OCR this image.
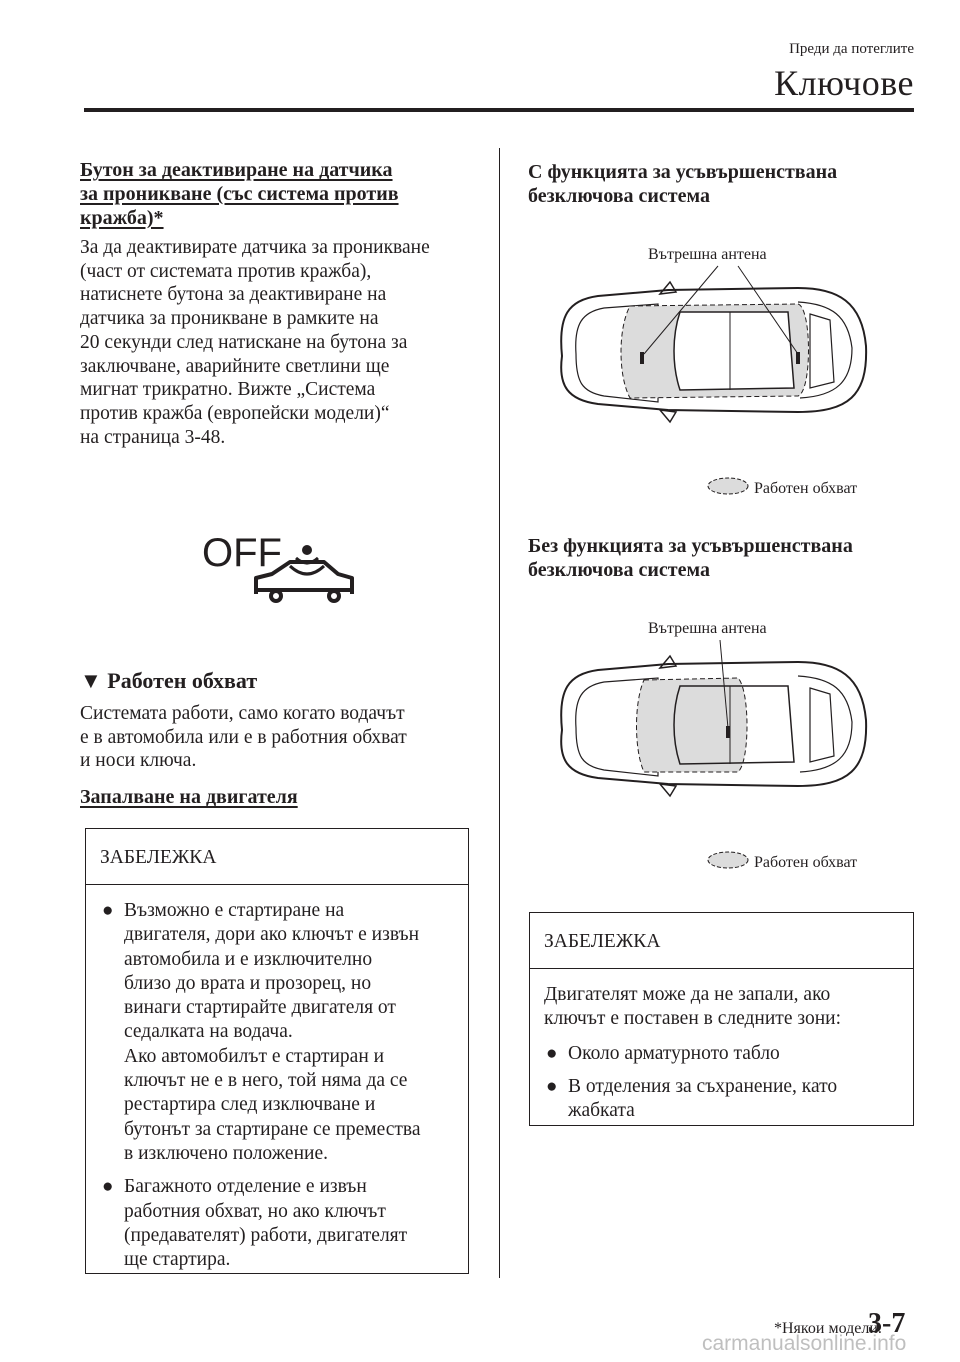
Преди да потеглите
Ключове
Бутон за деактивиране на датчика
за проникване (със система против
кражба)*
За да деактивирате датчика за проникване
(част от системата против кражба),
натиснете бутона за деактивиране на
датчика за проникване в рамките на
20 секунди след натискане на бутона за
заключване, аварийните светлини ще
мигнат трикратно. Вижте „Система
против кражба (европейски модели)“
на страница 3-48.
OFF
▼ Работен обхват
Системата работи, само когато водачът
е в автомобила или е в работния обхват
и носи ключа.
Запалване на двигателя
ЗАБЕЛЕЖКА
● Възможно е стартиране на
двигателя, дори ако ключът е извън
автомобила и е изключително
близо до врата и прозорец, но
винаги стартирайте двигателя от
седалката на водача.
Ако автомобилът е стартиран и
ключът не е в него, той няма да се
рестартира след изключване и
бутонът за стартиране се премества
в изключено положение.
● Багажното отделение е извън
работния обхват, но ако ключът
(предавателят) работи, двигателят
ще стартира.
С функцията за усъвършенствана
безключова система
Вътрешна антена
Работен обхват
Без функцията за усъвършенствана
безключова система
Вътрешна антена
Работен обхват
ЗАБЕЛЕЖКА
Двигателят може да не запали, ако
ключът е поставен в следните зони:
● Около арматурното табло
● В отделения за съхранение, като
жабката
*Някои модели.
3-7
carmanualsonline.info
